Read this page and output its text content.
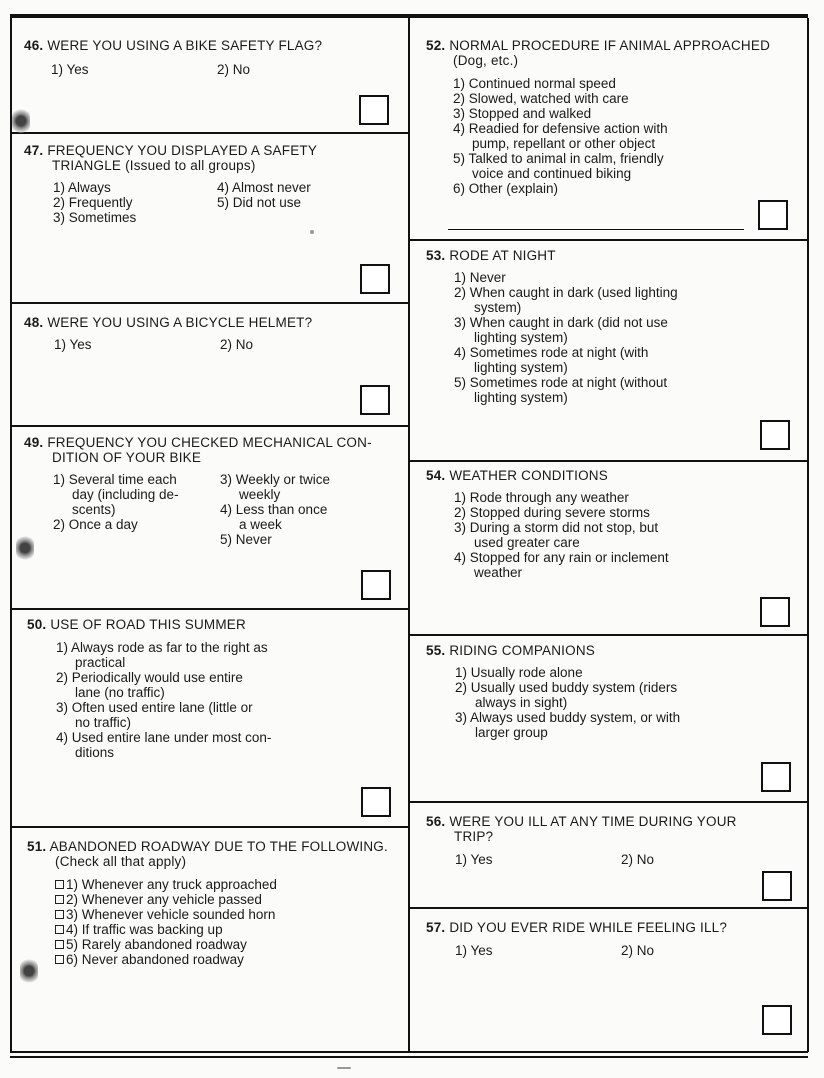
46. WERE YOU USING A BIKE SAFETY FLAG?
1) Yes	2) No
47. FREQUENCY YOU DISPLAYED A SAFETY
TRIANGLE (Issued to all groups)
1) Always
2) Frequently
3) Sometimes
4) Almost never
5) Did not use
48. WERE YOU USING A BICYCLE HELMET?
1) Yes	2) No
49. FREQUENCY YOU CHECKED MECHANICAL CON-
DITION OF YOUR BIKE
1) Several time each
day (including de-
scents)
2) Once a day
3) Weekly or twice
weekly
4) Less than once
a week
5) Never
50. USE OF ROAD THIS SUMMER
1) Always rode as far to the right as
practical
2) Periodically would use entire
lane (no traffic)
3) Often used entire lane (little or
no traffic)
4) Used entire lane under most con-
ditions
51. ABANDONED ROADWAY DUE TO THE FOLLOWING.
(Check all that apply)
1) Whenever any truck approached
2) Whenever any vehicle passed
3) Whenever vehicle sounded horn
4) If traffic was backing up
5) Rarely abandoned roadway
6) Never abandoned roadway
52. NORMAL PROCEDURE IF ANIMAL APPROACHED
(Dog, etc.)
1) Continued normal speed
2) Slowed, watched with care
3) Stopped and walked
4) Readied for defensive action with
pump, repellant or other object
5) Talked to animal in calm, friendly
voice and continued biking
6) Other (explain)
53. RODE AT NIGHT
1) Never
2) When caught in dark (used lighting
system)
3) When caught in dark (did not use
lighting system)
4) Sometimes rode at night (with
lighting system)
5) Sometimes rode at night (without
lighting system)
54. WEATHER CONDITIONS
1) Rode through any weather
2) Stopped during severe storms
3) During a storm did not stop, but
used greater care
4) Stopped for any rain or inclement
weather
55. RIDING COMPANIONS
1) Usually rode alone
2) Usually used buddy system (riders
always in sight)
3) Always used buddy system, or with
larger group
56. WERE YOU ILL AT ANY TIME DURING YOUR
TRIP?
1) Yes	2) No
57. DID YOU EVER RIDE WHILE FEELING ILL?
1) Yes	2) No
